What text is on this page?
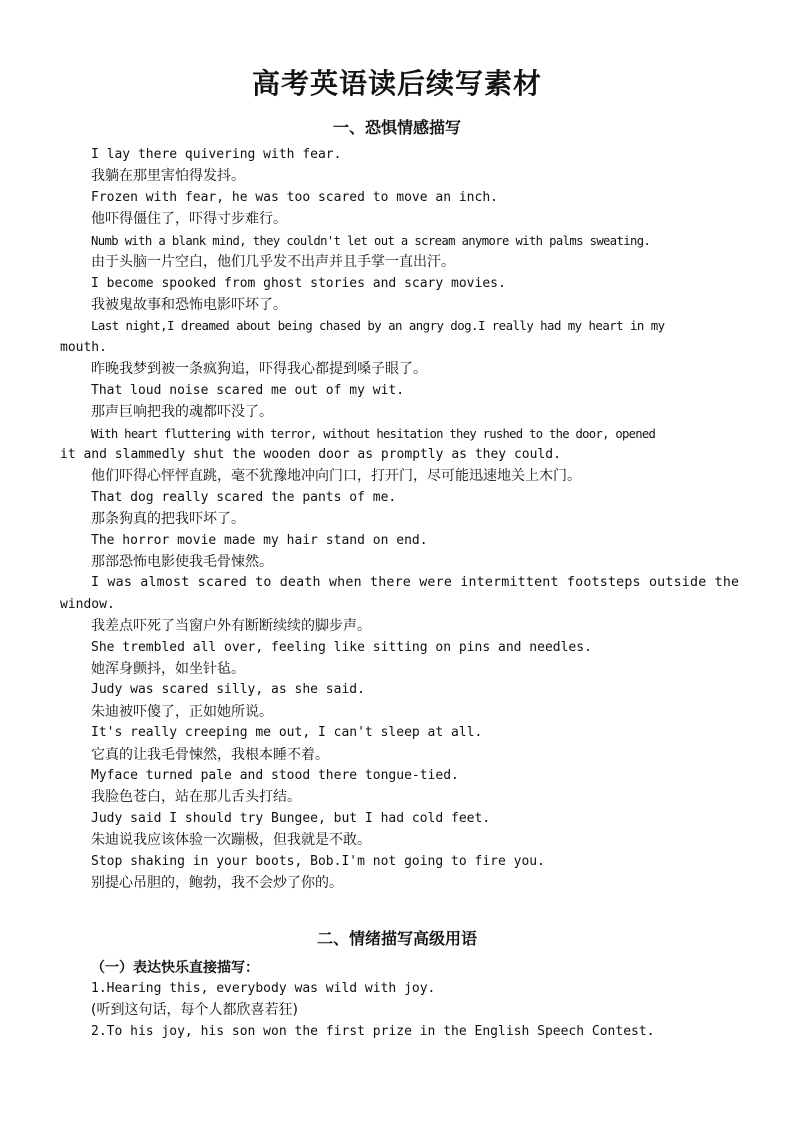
高考英语读后续写素材
一、恐惧情感描写
I lay there quivering with fear.
我躺在那里害怕得发抖。
Frozen with fear, he was too scared to move an inch.
他吓得僵住了，吓得寸步难行。
Numb with a blank mind, they couldn't let out a scream anymore with palms sweating.
由于头脑一片空白，他们几乎发不出声并且手掌一直出汗。
I become spooked from ghost stories and scary movies.
我被鬼故事和恐怖电影吓坏了。
Last night,I dreamed about being chased by an angry dog.I really had my heart in my
mouth.
昨晚我梦到被一条疯狗追，吓得我心都提到嗓子眼了。
That loud noise scared me out of my wit.
那声巨响把我的魂都吓没了。
With heart fluttering with terror, without hesitation they rushed to the door, opened
it and slammedly shut the wooden door as promptly as they could.
他们吓得心怦怦直跳，毫不犹豫地冲向门口，打开门，尽可能迅速地关上木门。
That dog really scared the pants of me.
那条狗真的把我吓坏了。
The horror movie made my hair stand on end.
那部恐怖电影使我毛骨悚然。
I was almost scared to death when there were intermittent footsteps outside the
window.
我差点吓死了当窗户外有断断续续的脚步声。
She trembled all over, feeling like sitting on pins and needles.
她浑身颤抖，如坐针毡。
Judy was scared silly, as she said.
朱迪被吓傻了，正如她所说。
It's really creeping me out, I can't sleep at all.
它真的让我毛骨悚然，我根本睡不着。
Myface turned pale and stood there tongue-tied.
我脸色苍白，站在那儿舌头打结。
Judy said I should try Bungee, but I had cold feet.
朱迪说我应该体验一次蹦极，但我就是不敢。
Stop shaking in your boots, Bob.I'm not going to fire you.
别提心吊胆的，鲍勃，我不会炒了你的。
二、情绪描写高级用语
（一）表达快乐直接描写：
1.Hearing this, everybody was wild with joy.
(听到这句话，每个人都欣喜若狂)
2.To his joy, his son won the first prize in the English Speech Contest.
